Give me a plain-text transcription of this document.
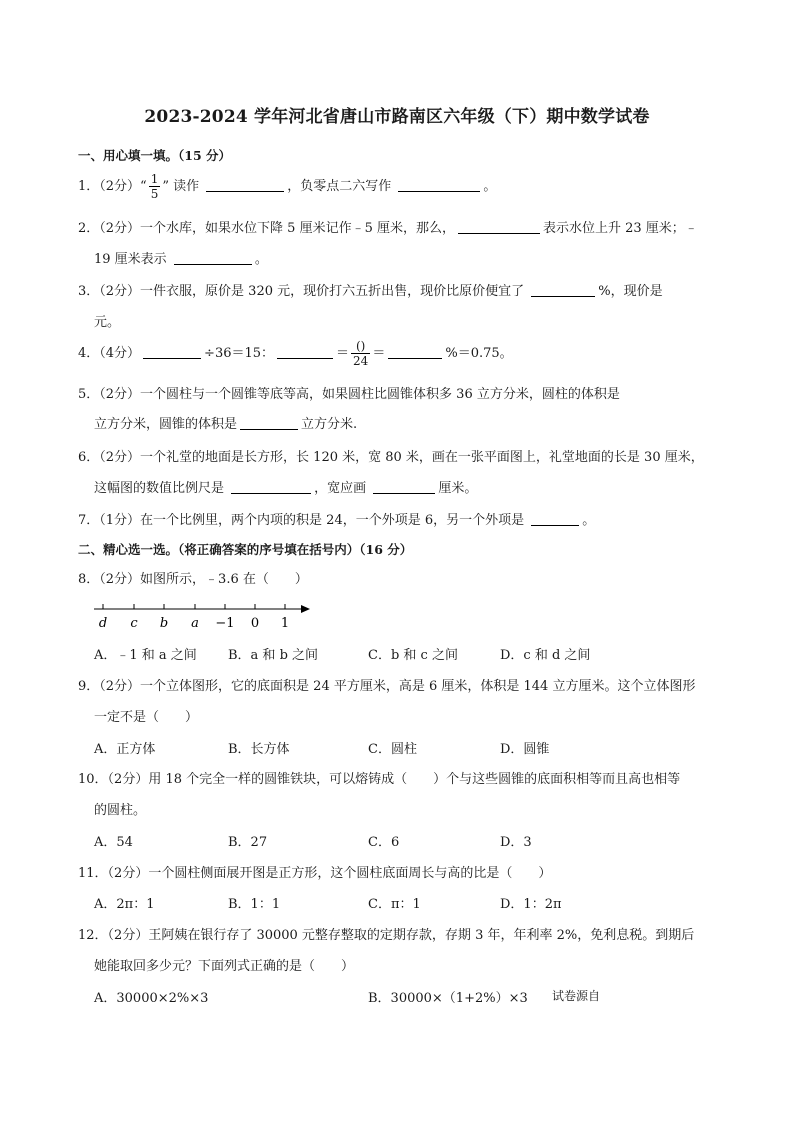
2023-2024 学年河北省唐山市路南区六年级（下）期中数学试卷
一、用心填一填。（15 分）
1．（2分）“ $\frac{1}{5}$ ” 读作	，负零点二六写作	。
2．（2分）一个水库，如果水位下降 5 厘米记作﹣5 厘米，那么，	表示水位上升 23 厘米；﹣
19 厘米表示	。
3．（2分）一件衣服，原价是 320 元，现价打六五折出售，现价比原价便宜了	%，现价是
元。
4．（4分）	÷36＝15：	＝ $\frac{()}{24}$ ＝	%＝0.75。
5．（2分）一个圆柱与一个圆锥等底等高，如果圆柱比圆锥体积多 36 立方分米，圆柱的体积是
立方分米，圆锥的体积是	立方分米.
6．（2分）一个礼堂的地面是长方形，长 120 米，宽 80 米，画在一张平面图上，礼堂地面的长是 30 厘米，
这幅图的数值比例尺是	，宽应画	厘米。
7．（1分）在一个比例里，两个内项的积是 24，一个外项是 6，另一个外项是	。
二、精心选一选。（将正确答案的序号填在括号内）（16 分）
8．（2分）如图所示，﹣3.6 在（　　）
d c b a −1 0 1
A．﹣1 和 a 之间 B．a 和 b 之间	C．b 和 c 之间	D．c 和 d 之间
9．（2分）一个立体图形，它的底面积是 24 平方厘米，高是 6 厘米，体积是 144 立方厘米。这个立体图形
一定不是（　　）
A．正方体	B．长方体	C．圆柱	D．圆锥
10．（2分）用 18 个完全一样的圆锥铁块，可以熔铸成（　　）个与这些圆锥的底面积相等而且高也相等
的圆柱。
A．54	B．27	C．6	D．3
11．（2分）一个圆柱侧面展开图是正方形，这个圆柱底面周长与高的比是（　　）
A．2π：1	B．1：1	C．π：1	D．1：2π
12．（2分）王阿姨在银行存了 30000 元整存整取的定期存款，存期 3 年，年利率 2%，免利息税。到期后
她能取回多少元？下面列式正确的是（　　）
A．30000×2%×3	B．30000×（1+2%）×3 试卷源自
